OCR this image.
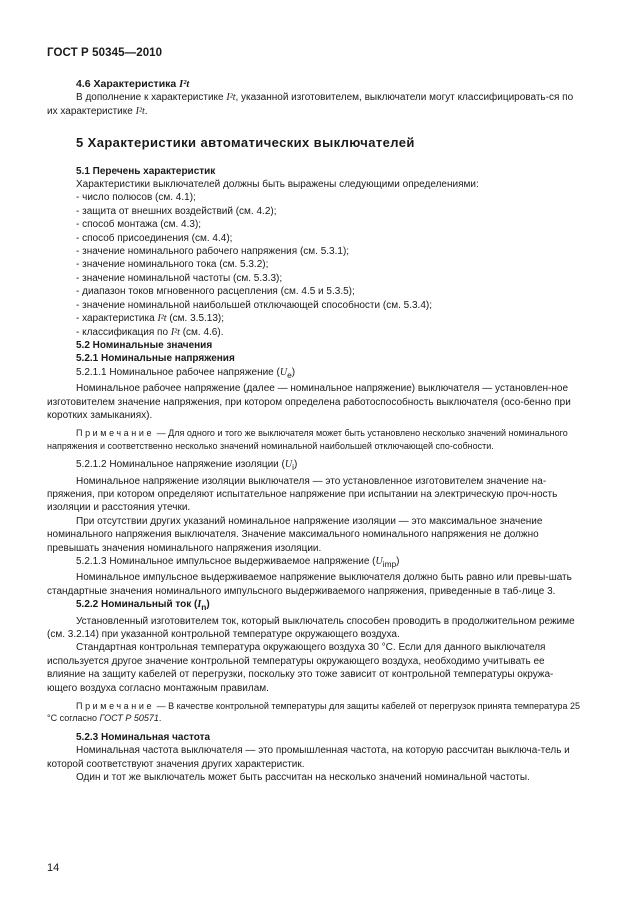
ГОСТ Р 50345—2010

4.6 Характеристика I²t

В дополнение к характеристике I²t, указанной изготовителем, выключатели могут классифицировать-ся по их характеристике I²t.

5 Характеристики автоматических выключателей

5.1 Перечень характеристик

Характеристики выключателей должны быть выражены следующими определениями:

- число полюсов (см. 4.1);

- защита от внешних воздействий (см. 4.2);

- способ монтажа (см. 4.3);

- способ присоединения (см. 4.4);

- значение номинального рабочего напряжения (см. 5.3.1);

- значение номинального тока (см. 5.3.2);

- значение номинальной частоты (см. 5.3.3);

- диапазон токов мгновенного расцепления (см. 4.5 и 5.3.5);

- значение номинальной наибольшей отключающей способности (см. 5.3.4);

- характеристика I²t (см. 3.5.13);

- классификация по I²t (см. 4.6).

5.2 Номинальные значения

5.2.1 Номинальные напряжения

5.2.1.1 Номинальное рабочее напряжение $(U_e)$

Номинальное рабочее напряжение (далее — номинальное напряжение) выключателя — установлен-ное изготовителем значение напряжения, при котором определена работоспособность выключателя (осо-бенно при коротких замыканиях).

Примечание — Для одного и того же выключателя может быть установлено несколько значений номинального напряжения и соответственно несколько значений номинальной наибольшей отключающей спо-собности.

5.2.1.2 Номинальное напряжение изоляции $(U_i)$

Номинальное напряжение изоляции выключателя — это установленное изготовителем значение на-пряжения, при котором определяют испытательное напряжение при испытании на электрическую проч-ность изоляции и расстояния утечки.

При отсутствии других указаний номинальное напряжение изоляции — это максимальное значение номинального напряжения выключателя. Значение максимального номинального напряжения не должно превышать значения номинального напряжения изоляции.

5.2.1.3 Номинальное импульсное выдерживаемое напряжение $(U_{imp})$

Номинальное импульсное выдерживаемое напряжение выключателя должно быть равно или превы-шать стандартные значения номинального импульсного выдерживаемого напряжения, приведенные в таб-лице 3.

5.2.2 Номинальный ток $(I_n)$

Установленный изготовителем ток, который выключатель способен проводить в продолжительном режиме (см. 3.2.14) при указанной контрольной температуре окружающего воздуха.

Стандартная контрольная температура окружающего воздуха 30 °С. Если для данного выключателя используется другое значение контрольной температуры окружающего воздуха, необходимо учитывать ее влияние на защиту кабелей от перегрузки, поскольку это тоже зависит от контрольной температуры окружа-ющего воздуха согласно монтажным правилам.

Примечание — В качестве контрольной температуры для защиты кабелей от перегрузок принята температура 25 °С согласно ГОСТ Р 50571.

5.2.3 Номинальная частота

Номинальная частота выключателя — это промышленная частота, на которую рассчитан выключа-тель и которой соответствуют значения других характеристик.

Один и тот же выключатель может быть рассчитан на несколько значений номинальной частоты.

14
